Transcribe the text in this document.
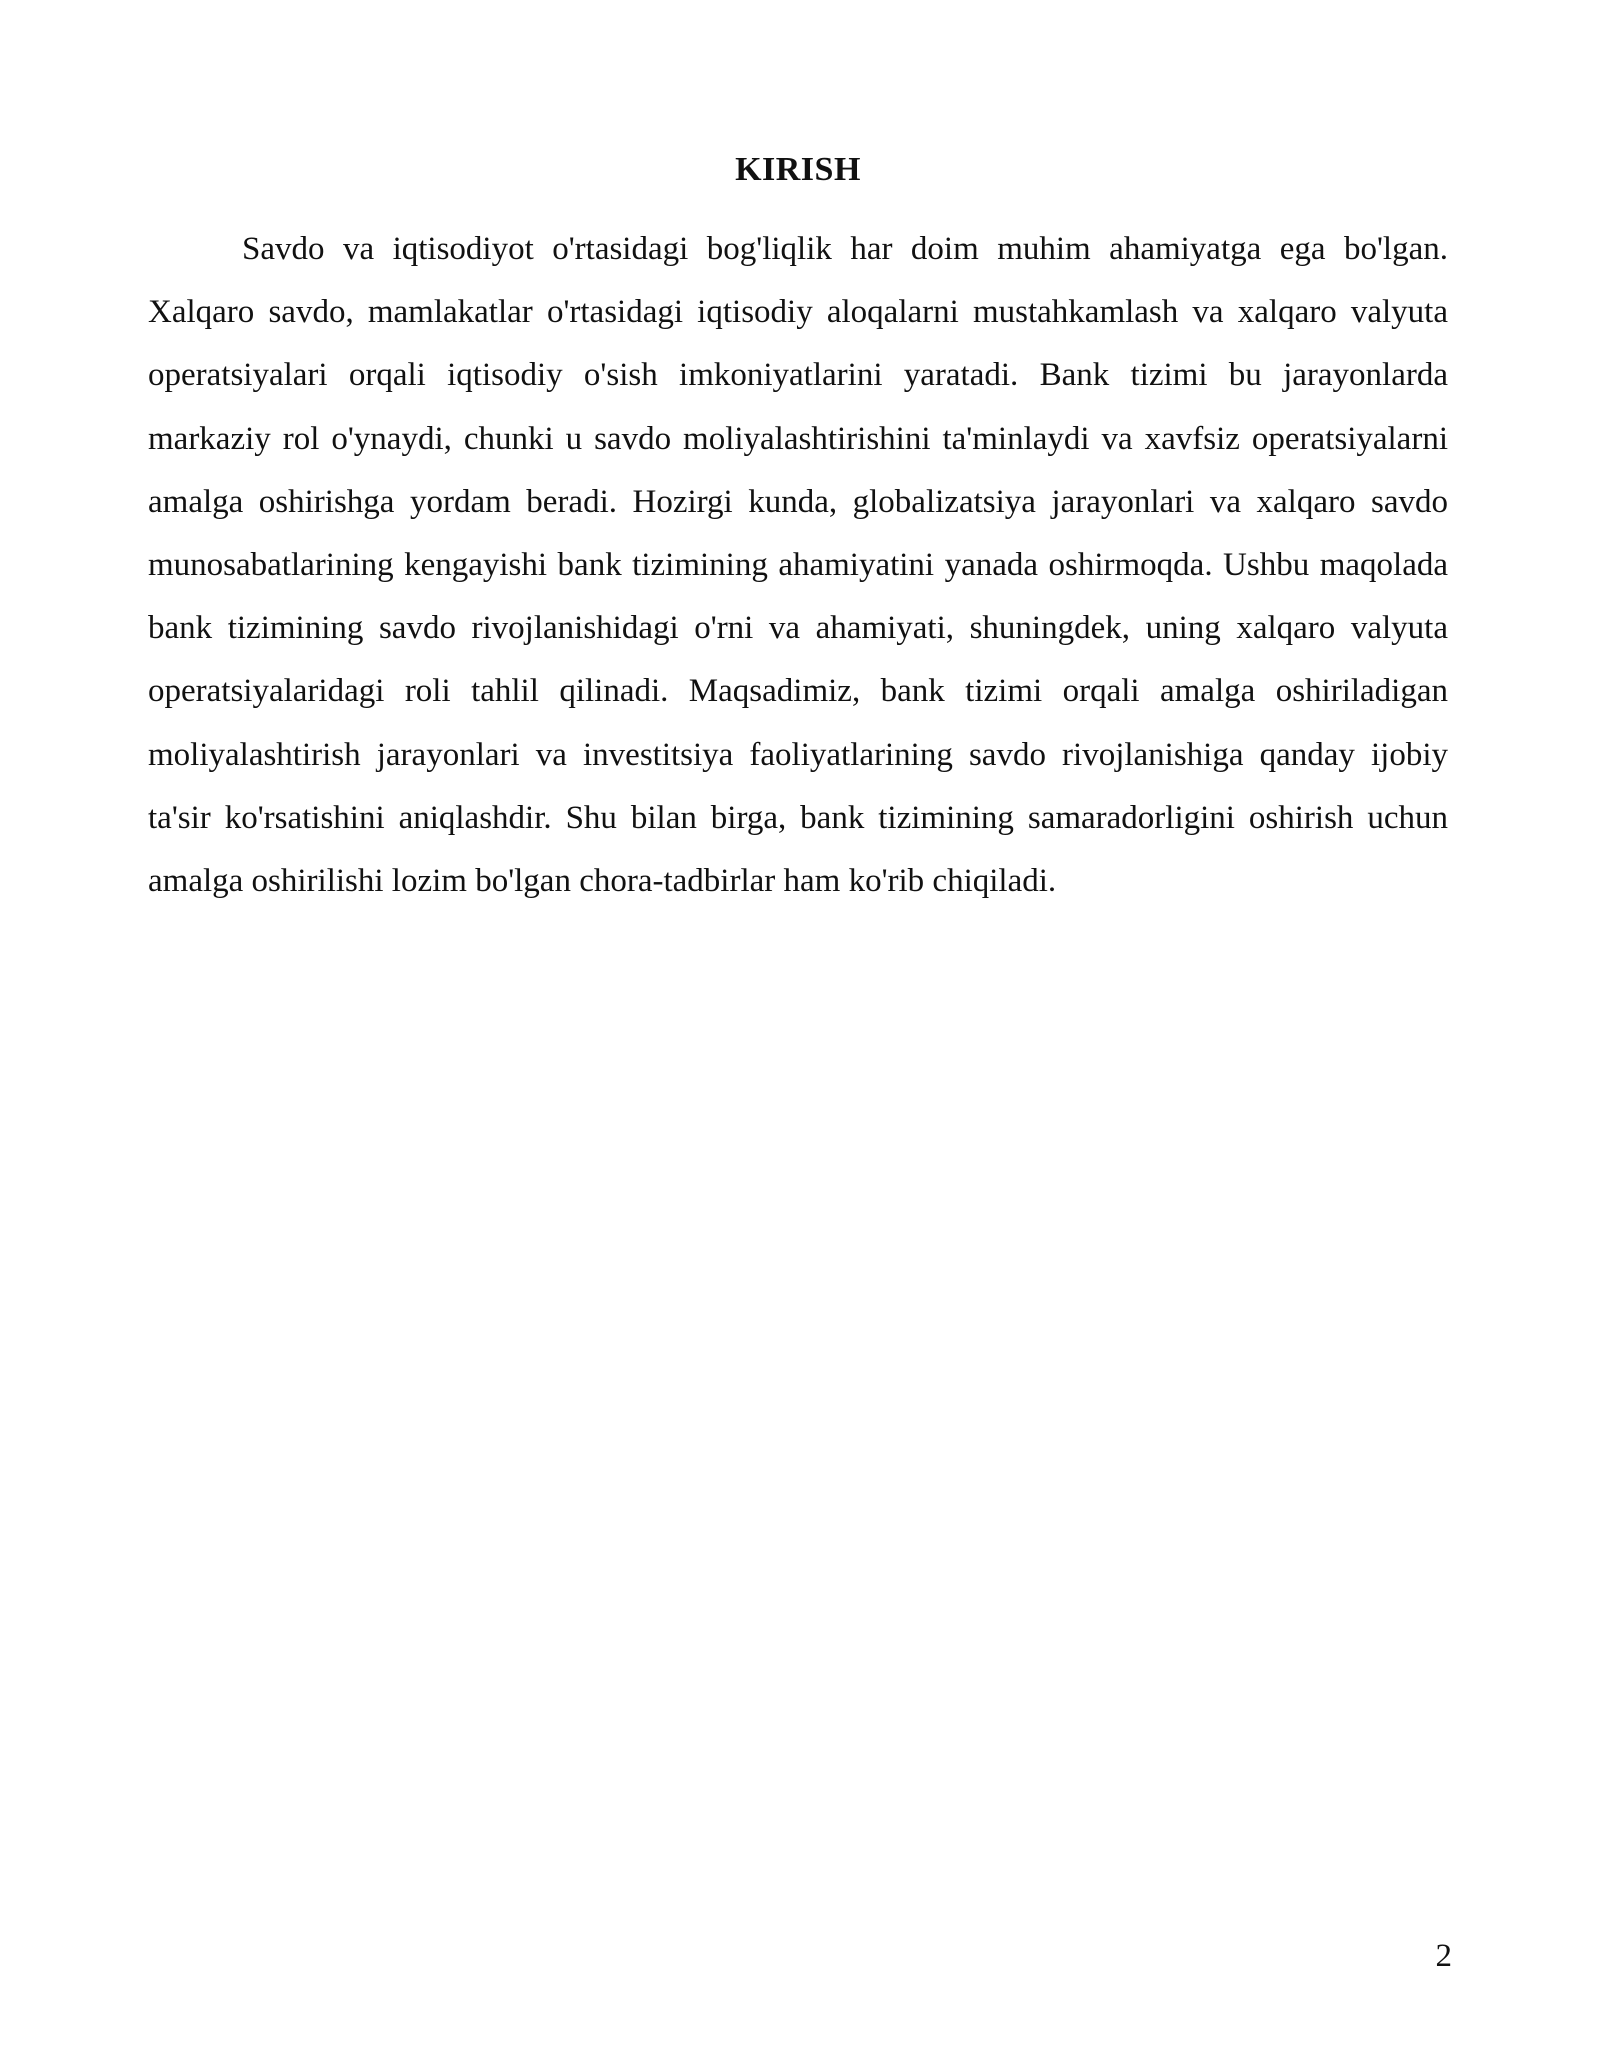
KIRISH

Savdo va iqtisodiyot o'rtasidagi bog'liqlik har doim muhim ahamiyatga ega bo'lgan. Xalqaro savdo, mamlakatlar o'rtasidagi iqtisodiy aloqalarni mustahkamlash va xalqaro valyuta operatsiyalari orqali iqtisodiy o'sish imkoniyatlarini yaratadi. Bank tizimi bu jarayonlarda markaziy rol o'ynaydi, chunki u savdo moliyalashtirishini ta'minlaydi va xavfsiz operatsiyalarni amalga oshirishga yordam beradi. Hozirgi kunda, globalizatsiya jarayonlari va xalqaro savdo munosabatlarining kengayishi bank tizimining ahamiyatini yanada oshirmoqda. Ushbu maqolada bank tizimining savdo rivojlanishidagi o'rni va ahamiyati, shuningdek, uning xalqaro valyuta operatsiyalaridagi roli tahlil qilinadi. Maqsadimiz, bank tizimi orqali amalga oshiriladigan moliyalashtirish jarayonlari va investitsiya faoliyatlarining savdo rivojlanishiga qanday ijobiy ta'sir ko'rsatishini aniqlashdir. Shu bilan birga, bank tizimining samaradorligini oshirish uchun amalga oshirilishi lozim bo'lgan chora-tadbirlar ham ko'rib chiqiladi.

2
